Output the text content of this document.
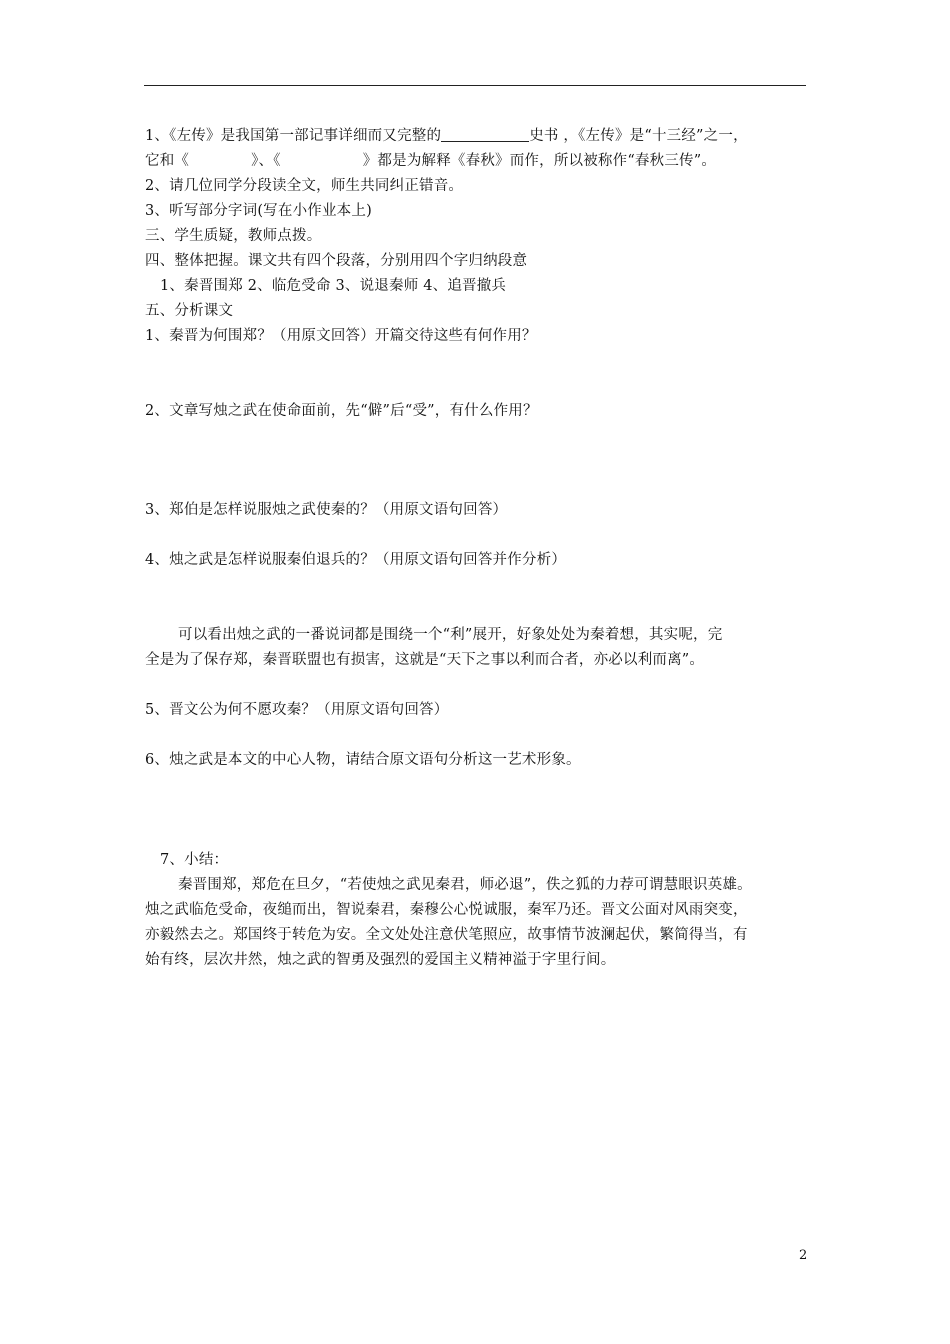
1、《左传》是我国第一部记事详细而又完整的	史书 ，《左传》是“十三经”之一，
它和《	》、《	》都是为解释《春秋》而作，所以被称作“春秋三传”。
2、请几位同学分段读全文，师生共同纠正错音。
3、听写部分字词(写在小作业本上)
三、学生质疑，教师点拨。
四、整体把握。课文共有四个段落，分别用四个字归纳段意
1、秦晋围郑 2、临危受命 3、说退秦师 4、追晋撤兵
五、分析课文
1、秦晋为何围郑？（用原文回答）开篇交待这些有何作用？
2、文章写烛之武在使命面前，先“僻”后“受”，有什么作用？
3、郑伯是怎样说服烛之武使秦的？（用原文语句回答）
4、烛之武是怎样说服秦伯退兵的？（用原文语句回答并作分析）
可以看出烛之武的一番说词都是围绕一个“利”展开，好象处处为秦着想，其实呢，完
全是为了保存郑，秦晋联盟也有损害，这就是“天下之事以利而合者，亦必以利而离”。
5、晋文公为何不愿攻秦？（用原文语句回答）
6、烛之武是本文的中心人物，请结合原文语句分析这一艺术形象。
7、小结：
秦晋围郑，郑危在旦夕，“若使烛之武见秦君，师必退”，佚之狐的力荐可谓慧眼识英雄。
烛之武临危受命，夜缒而出，智说秦君，秦穆公心悦诚服，秦军乃还。晋文公面对风雨突变，
亦毅然去之。郑国终于转危为安。全文处处注意伏笔照应，故事情节波澜起伏，繁简得当，有
始有终，层次井然，烛之武的智勇及强烈的爱国主义精神溢于字里行间。
2
